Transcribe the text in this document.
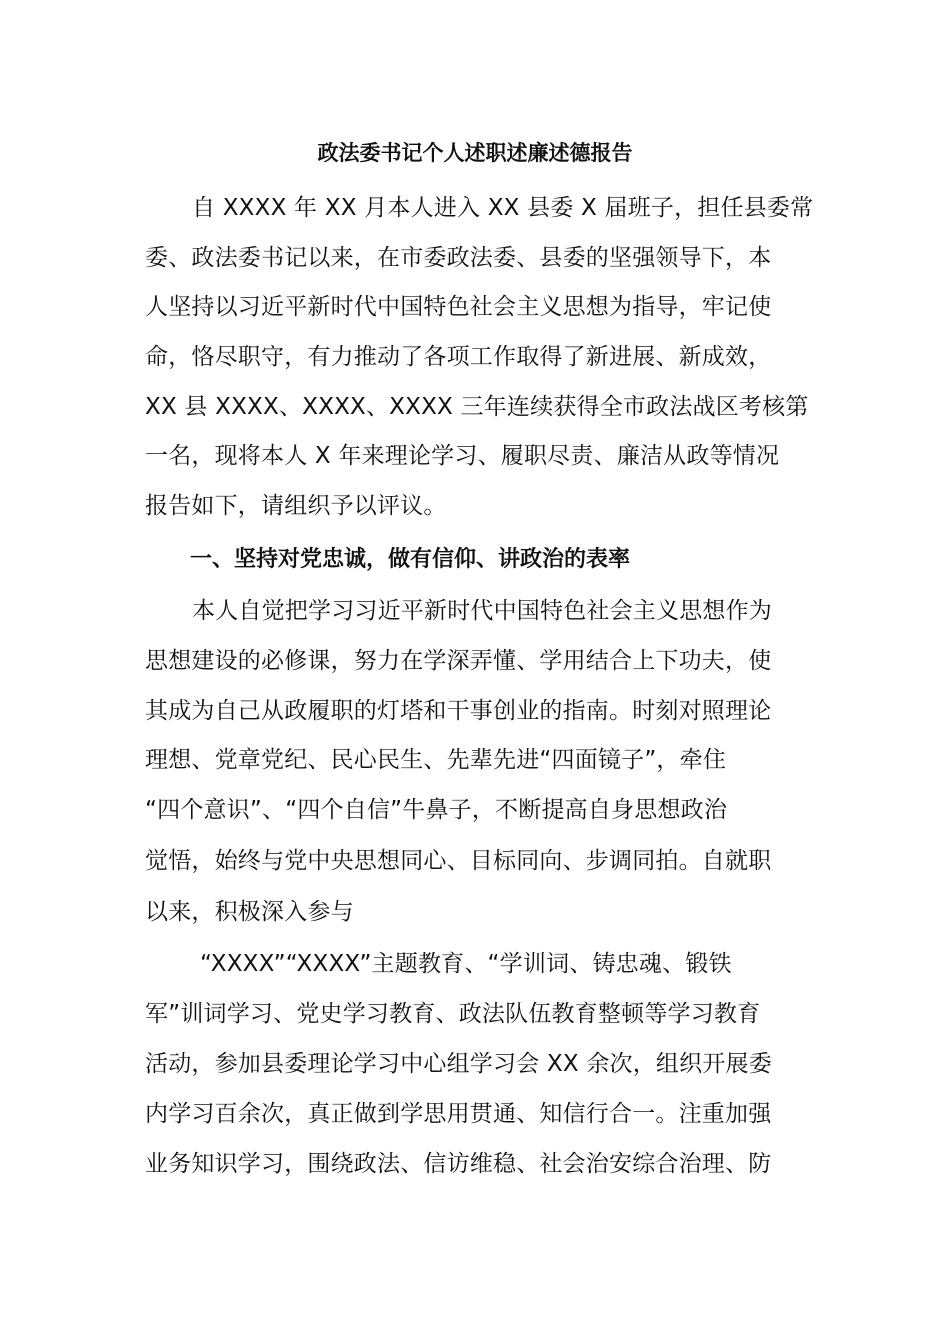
政法委书记个人述职述廉述德报告
自 XXXX 年 XX 月本人进入 XX 县委 X 届班子，担任县委常
委、政法委书记以来，在市委政法委、县委的坚强领导下，本
人坚持以习近平新时代中国特色社会主义思想为指导，牢记使
命，恪尽职守，有力推动了各项工作取得了新进展、新成效，
XX 县 XXXX、XXXX、XXXX 三年连续获得全市政法战区考核第
一名，现将本人 X 年来理论学习、履职尽责、廉洁从政等情况
报告如下，请组织予以评议。
一、坚持对党忠诚，做有信仰、讲政治的表率
本人自觉把学习习近平新时代中国特色社会主义思想作为
思想建设的必修课，努力在学深弄懂、学用结合上下功夫，使
其成为自己从政履职的灯塔和干事创业的指南。时刻对照理论
理想、党章党纪、民心民生、先辈先进“四面镜子”，牵住
“四个意识”、“四个自信”牛鼻子，不断提高自身思想政治
觉悟，始终与党中央思想同心、目标同向、步调同拍。自就职
以来，积极深入参与
“XXXX”“XXXX”主题教育、“学训词、铸忠魂、锻铁
军”训词学习、党史学习教育、政法队伍教育整顿等学习教育
活动，参加县委理论学习中心组学习会 XX 余次，组织开展委
内学习百余次，真正做到学思用贯通、知信行合一。注重加强
业务知识学习，围绕政法、信访维稳、社会治安综合治理、防
